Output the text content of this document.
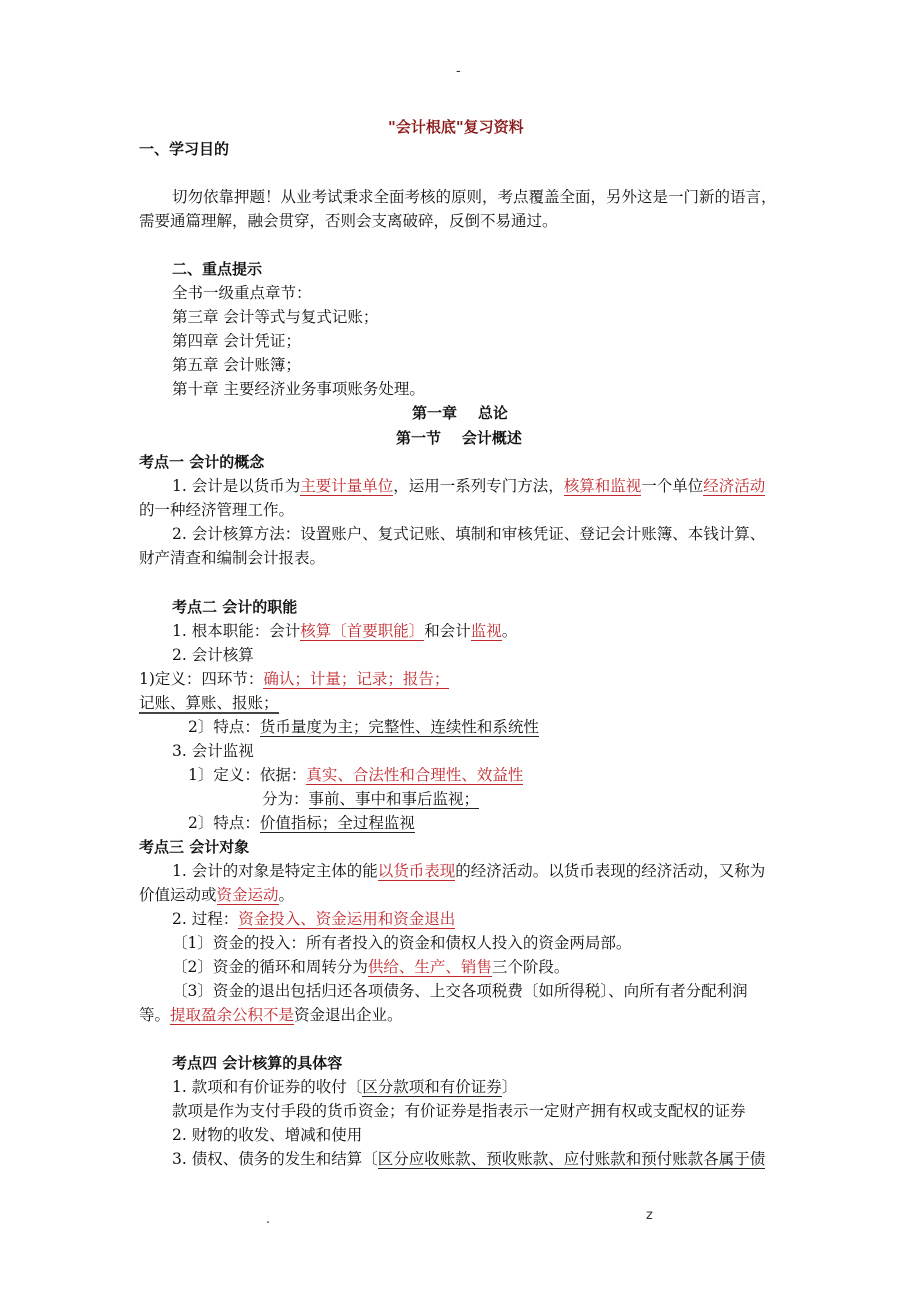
-
"会计根底"复习资料
一、学习目的
切勿依靠押题！从业考试秉求全面考核的原则，考点覆盖全面，另外这是一门新的语言，
需要通篇理解，融会贯穿，否则会支离破碎，反倒不易通过。
二、重点提示
全书一级重点章节：
第三章 会计等式与复式记账；
第四章 会计凭证；
第五章 会计账簿；
第十章 主要经济业务事项账务处理。
第一章    总论
第一节    会计概述
考点一 会计的概念
1. 会计是以货币为主要计量单位，运用一系列专门方法，核算和监视一个单位经济活动
的一种经济管理工作。
2. 会计核算方法：设置账户、复式记账、填制和审核凭证、登记会计账簿、本钱计算、
财产清查和编制会计报表。
考点二 会计的职能
1. 根本职能：会计核算〔首要职能〕和会计监视。
2. 会计核算
1)定义：四环节：确认；计量；记录；报告；
记账、算账、报账；
2〕特点：货币量度为主；完整性、连续性和系统性
3. 会计监视
1〕定义：依据：真实、合法性和合理性、效益性
分为：事前、事中和事后监视；
2〕特点：价值指标；全过程监视
考点三 会计对象
1. 会计的对象是特定主体的能以货币表现的经济活动。以货币表现的经济活动，又称为
价值运动或资金运动。
2. 过程：资金投入、资金运用和资金退出
〔1〕资金的投入：所有者投入的资金和债权人投入的资金两局部。
〔2〕资金的循环和周转分为供给、生产、销售三个阶段。
〔3〕资金的退出包括归还各项债务、上交各项税费〔如所得税〕、向所有者分配利润
等。提取盈余公积不是资金退出企业。
考点四 会计核算的具体容
1. 款项和有价证券的收付〔区分款项和有价证券〕
款项是作为支付手段的货币资金；有价证券是指表示一定财产拥有权或支配权的证券
2. 财物的收发、增减和使用
3. 债权、债务的发生和结算〔区分应收账款、预收账款、应付账款和预付账款各属于债
.	z
